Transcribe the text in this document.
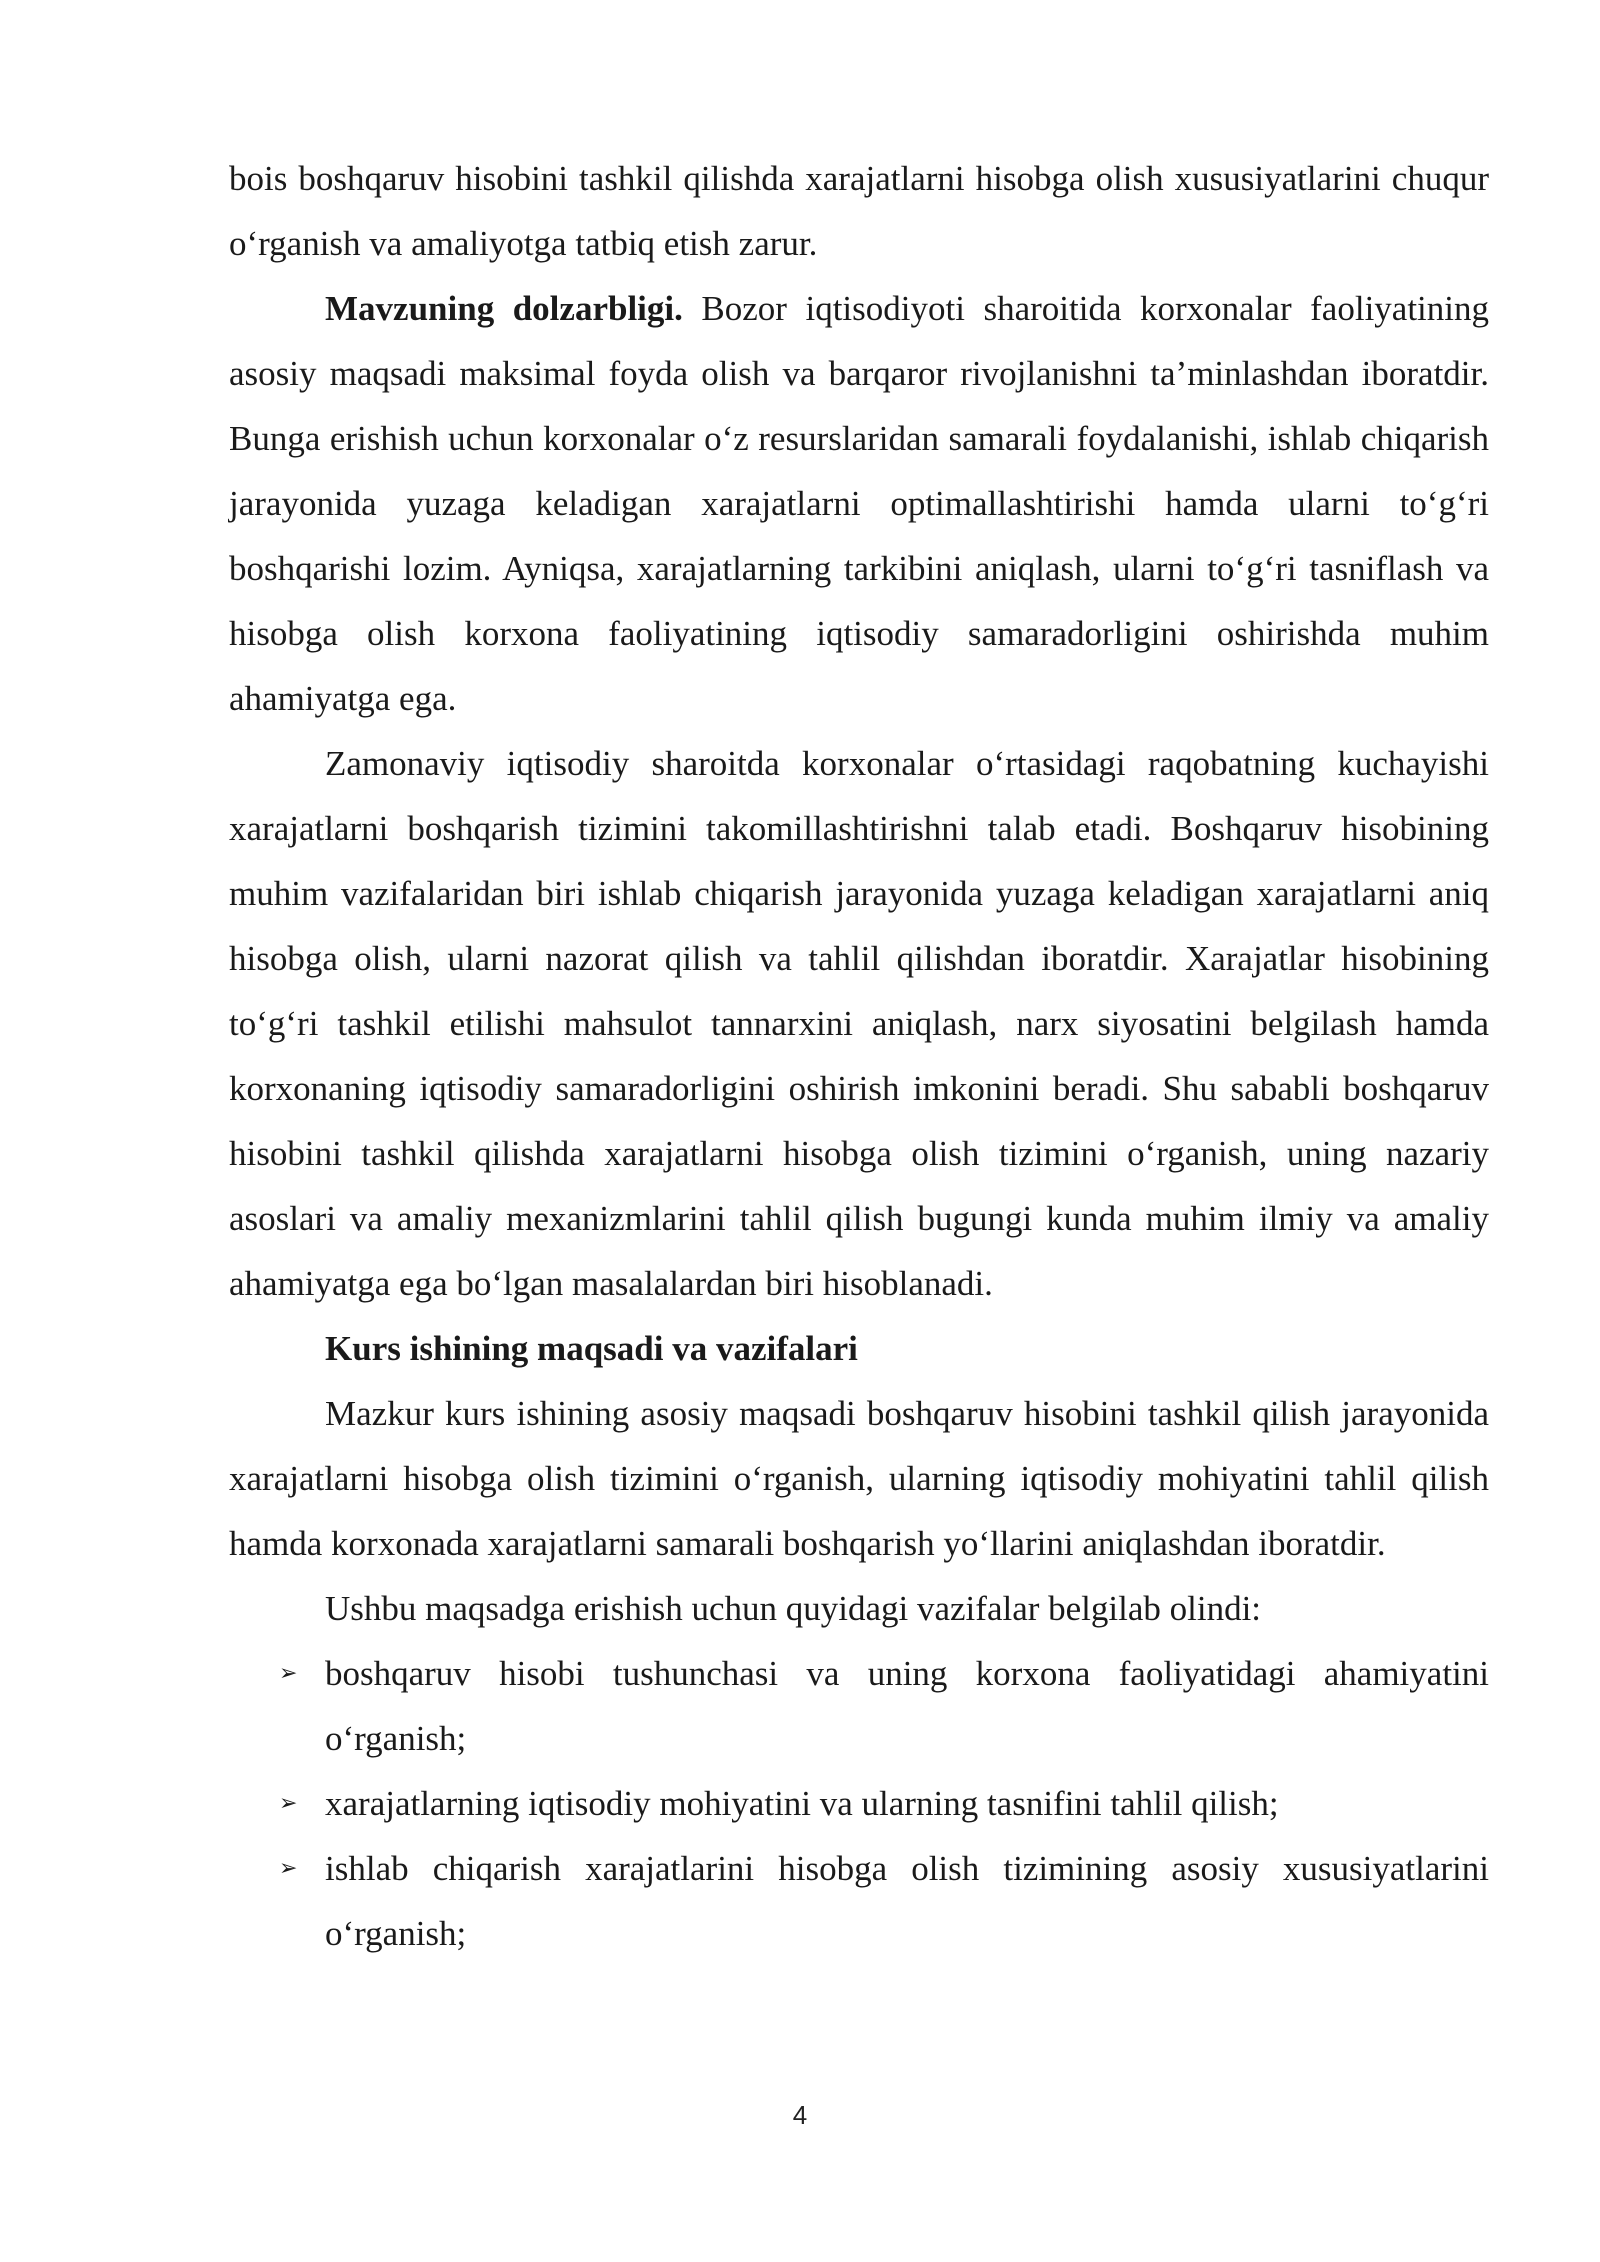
bois boshqaruv hisobini tashkil qilishda xarajatlarni hisobga olish xususiyatlarini chuqur o‘rganish va amaliyotga tatbiq etish zarur.

Mavzuning dolzarbligi. Bozor iqtisodiyoti sharoitida korxonalar faoliyatining asosiy maqsadi maksimal foyda olish va barqaror rivojlanishni ta’minlashdan iboratdir. Bunga erishish uchun korxonalar o‘z resurslaridan samarali foydalanishi, ishlab chiqarish jarayonida yuzaga keladigan xarajatlarni optimallashtirishi hamda ularni to‘g‘ri boshqarishi lozim. Ayniqsa, xarajatlarning tarkibini aniqlash, ularni to‘g‘ri tasniflash va hisobga olish korxona faoliyatining iqtisodiy samaradorligini oshirishda muhim ahamiyatga ega.

Zamonaviy iqtisodiy sharoitda korxonalar o‘rtasidagi raqobatning kuchayishi xarajatlarni boshqarish tizimini takomillashtirishni talab etadi. Boshqaruv hisobining muhim vazifalaridan biri ishlab chiqarish jarayonida yuzaga keladigan xarajatlarni aniq hisobga olish, ularni nazorat qilish va tahlil qilishdan iboratdir. Xarajatlar hisobining to‘g‘ri tashkil etilishi mahsulot tannarxini aniqlash, narx siyosatini belgilash hamda korxonaning iqtisodiy samaradorligini oshirish imkonini beradi. Shu sababli boshqaruv hisobini tashkil qilishda xarajatlarni hisobga olish tizimini o‘rganish, uning nazariy asoslari va amaliy mexanizmlarini tahlil qilish bugungi kunda muhim ilmiy va amaliy ahamiyatga ega bo‘lgan masalalardan biri hisoblanadi.

Kurs ishining maqsadi va vazifalari

Mazkur kurs ishining asosiy maqsadi boshqaruv hisobini tashkil qilish jarayonida xarajatlarni hisobga olish tizimini o‘rganish, ularning iqtisodiy mohiyatini tahlil qilish hamda korxonada xarajatlarni samarali boshqarish yo‘llarini aniqlashdan iboratdir.

Ushbu maqsadga erishish uchun quyidagi vazifalar belgilab olindi:

➢ boshqaruv hisobi tushunchasi va uning korxona faoliyatidagi ahamiyatini o‘rganish;
➢ xarajatlarning iqtisodiy mohiyatini va ularning tasnifini tahlil qilish;
➢ ishlab chiqarish xarajatlarini hisobga olish tizimining asosiy xususiyatlarini o‘rganish;
4
